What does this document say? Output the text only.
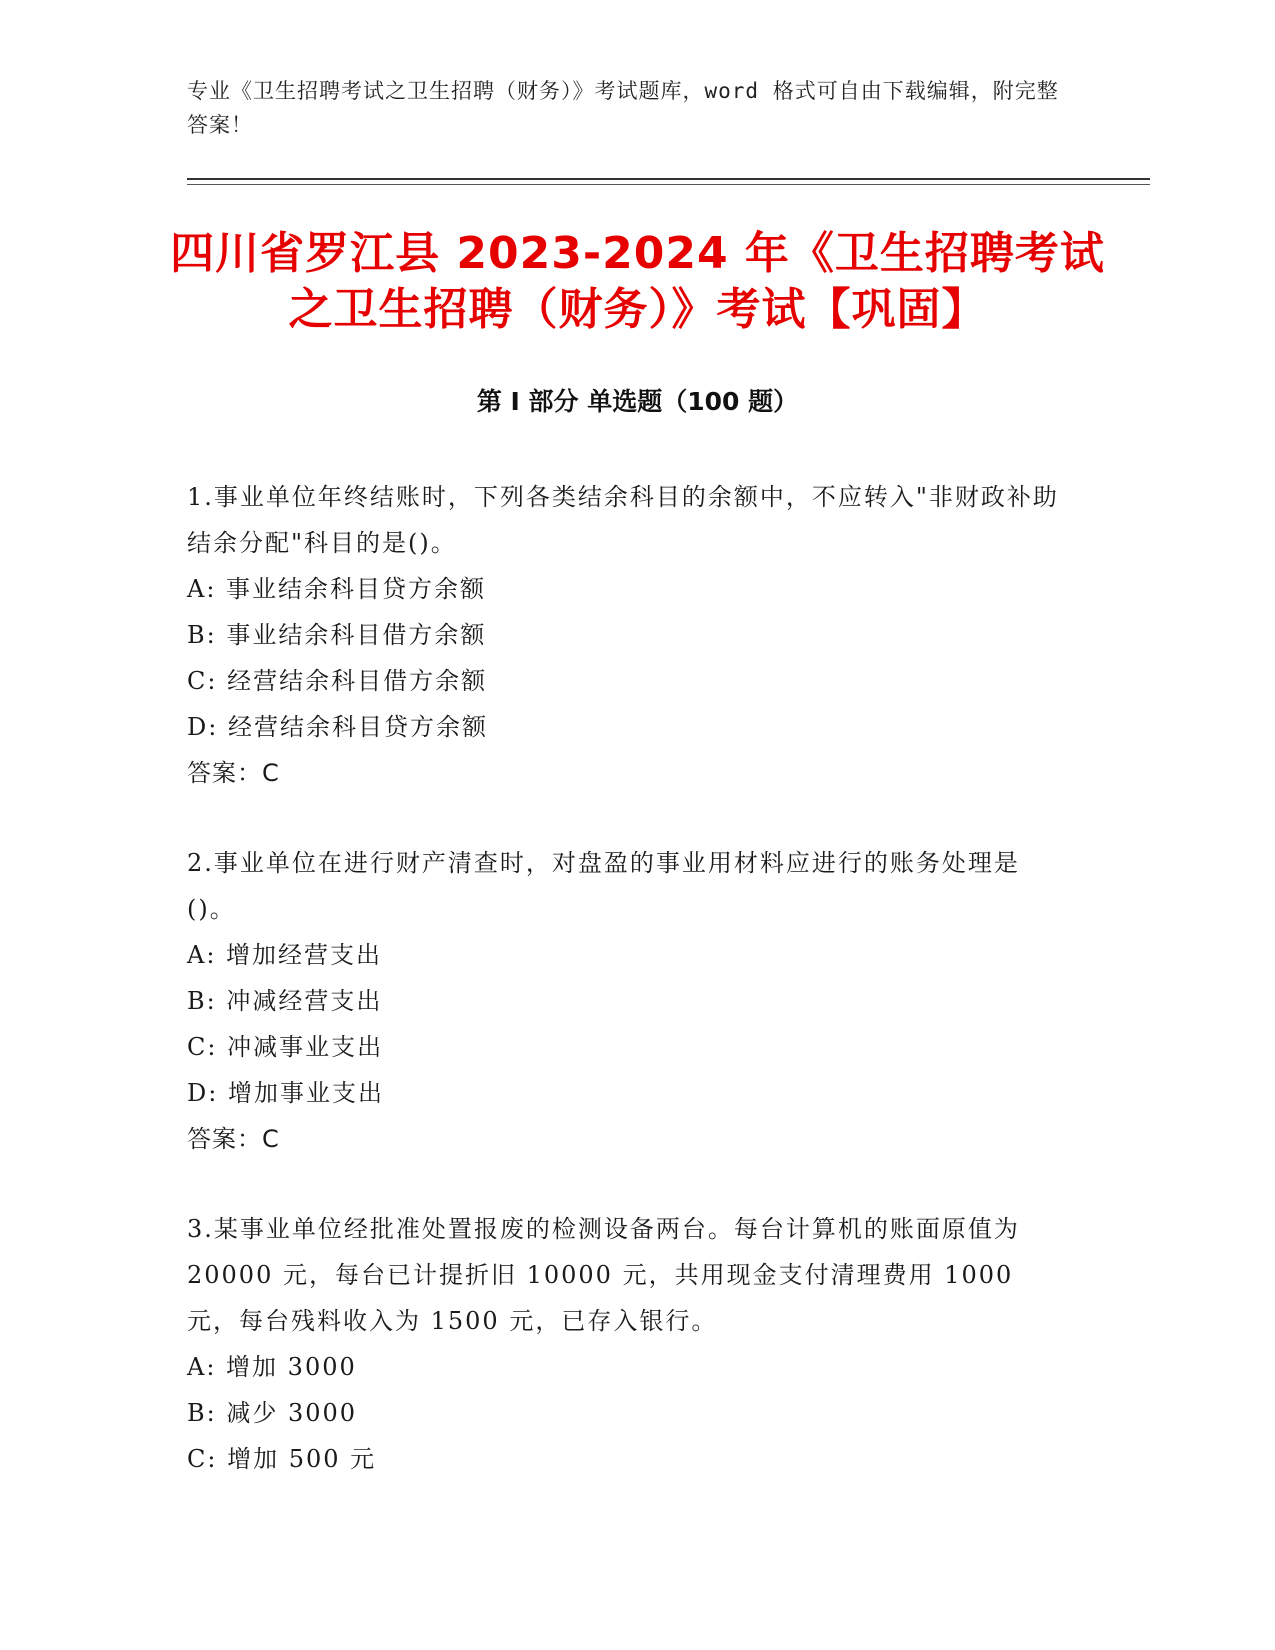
专业《卫生招聘考试之卫生招聘（财务）》考试题库，word 格式可自由下载编辑，附完整答案！
四川省罗江县 2023-2024 年《卫生招聘考试之卫生招聘（财务）》考试【巩固】
第 I 部分 单选题（100 题）

1.事业单位年终结账时，下列各类结余科目的余额中，不应转入"非财政补助结余分配"科目的是()。

A: 事业结余科目贷方余额

B: 事业结余科目借方余额

C: 经营结余科目借方余额

D: 经营结余科目贷方余额

答案：C

2.事业单位在进行财产清查时，对盘盈的事业用材料应进行的账务处理是()。

A: 增加经营支出

B: 冲减经营支出

C: 冲减事业支出

D: 增加事业支出

答案：C

3.某事业单位经批准处置报废的检测设备两台。每台计算机的账面原值为 20000 元，每台已计提折旧 10000 元，共用现金支付清理费用 1000 元，每台残料收入为 1500 元，已存入银行。

A: 增加 3000

B: 减少 3000

C: 增加 500 元
